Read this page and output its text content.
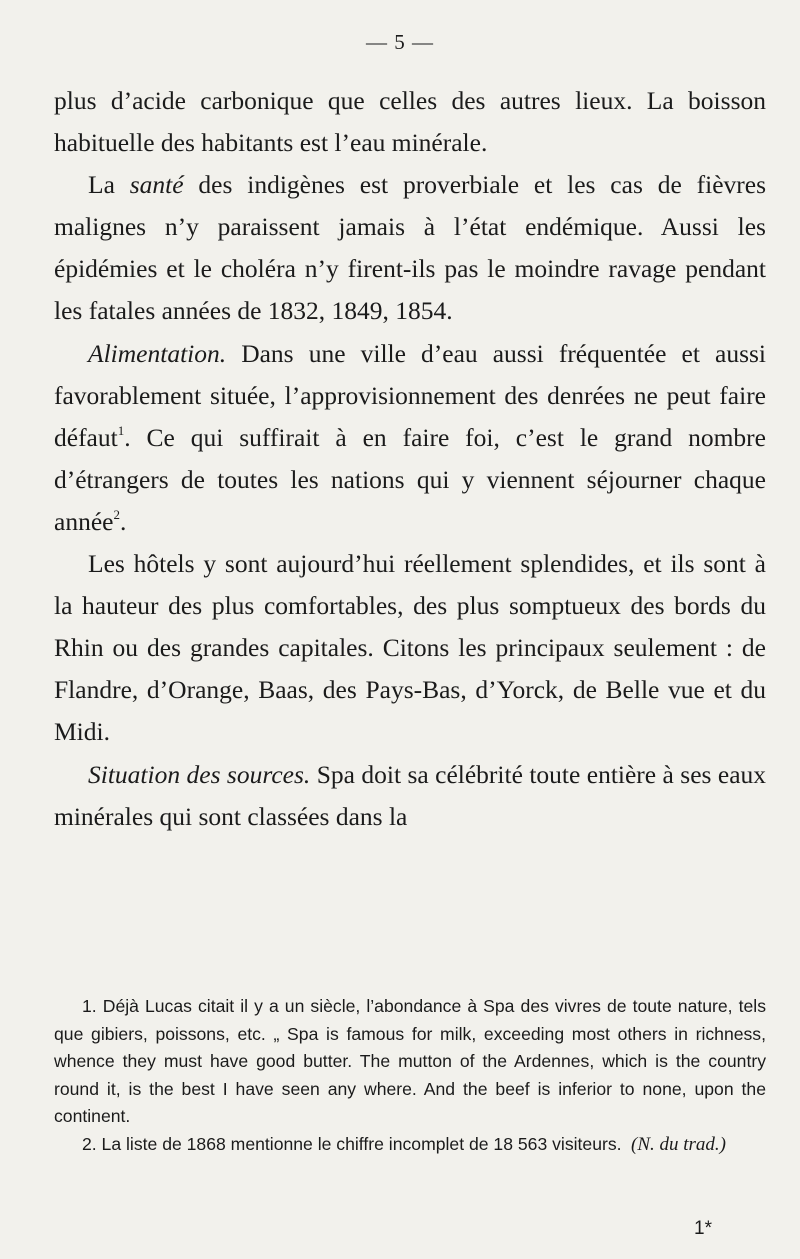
— 5 —

plus d’acide carbonique que celles des autres lieux. La boisson habituelle des habitants est l’eau minérale.

La santé des indigènes est proverbiale et les cas de fièvres malignes n’y paraissent jamais à l’état endémique. Aussi les épidémies et le choléra n’y firent-ils pas le moindre ravage pendant les fatales années de 1832, 1849, 1854.

Alimentation. Dans une ville d’eau aussi fréquentée et aussi favorablement située, l’approvisionnement des denrées ne peut faire défaut$^1$. Ce qui suffirait à en faire foi, c’est le grand nombre d’étrangers de toutes les nations qui y viennent séjourner chaque année$^2$.

Les hôtels y sont aujourd’hui réellement splendides, et ils sont à la hauteur des plus comfortables, des plus somptueux des bords du Rhin ou des grandes capitales. Citons les principaux seulement : de Flandre, d’Orange, Baas, des Pays-Bas, d’Yorck, de Belle vue et du Midi.

Situation des sources. Spa doit sa célébrité toute entière à ses eaux minérales qui sont classées dans la

1. Déjà Lucas citait il y a un siècle, l’abondance à Spa des vivres de toute nature, tels que gibiers, poissons, etc. „ Spa is famous for milk, exceeding most others in richness, whence they must have good butter. The mutton of the Ardennes, which is the country round it, is the best I have seen any where. And the beef is inferior to none, upon the continent.

2. La liste de 1868 mentionne le chiffre incomplet de 18 563 visiteurs. (N. du trad.)
1*
